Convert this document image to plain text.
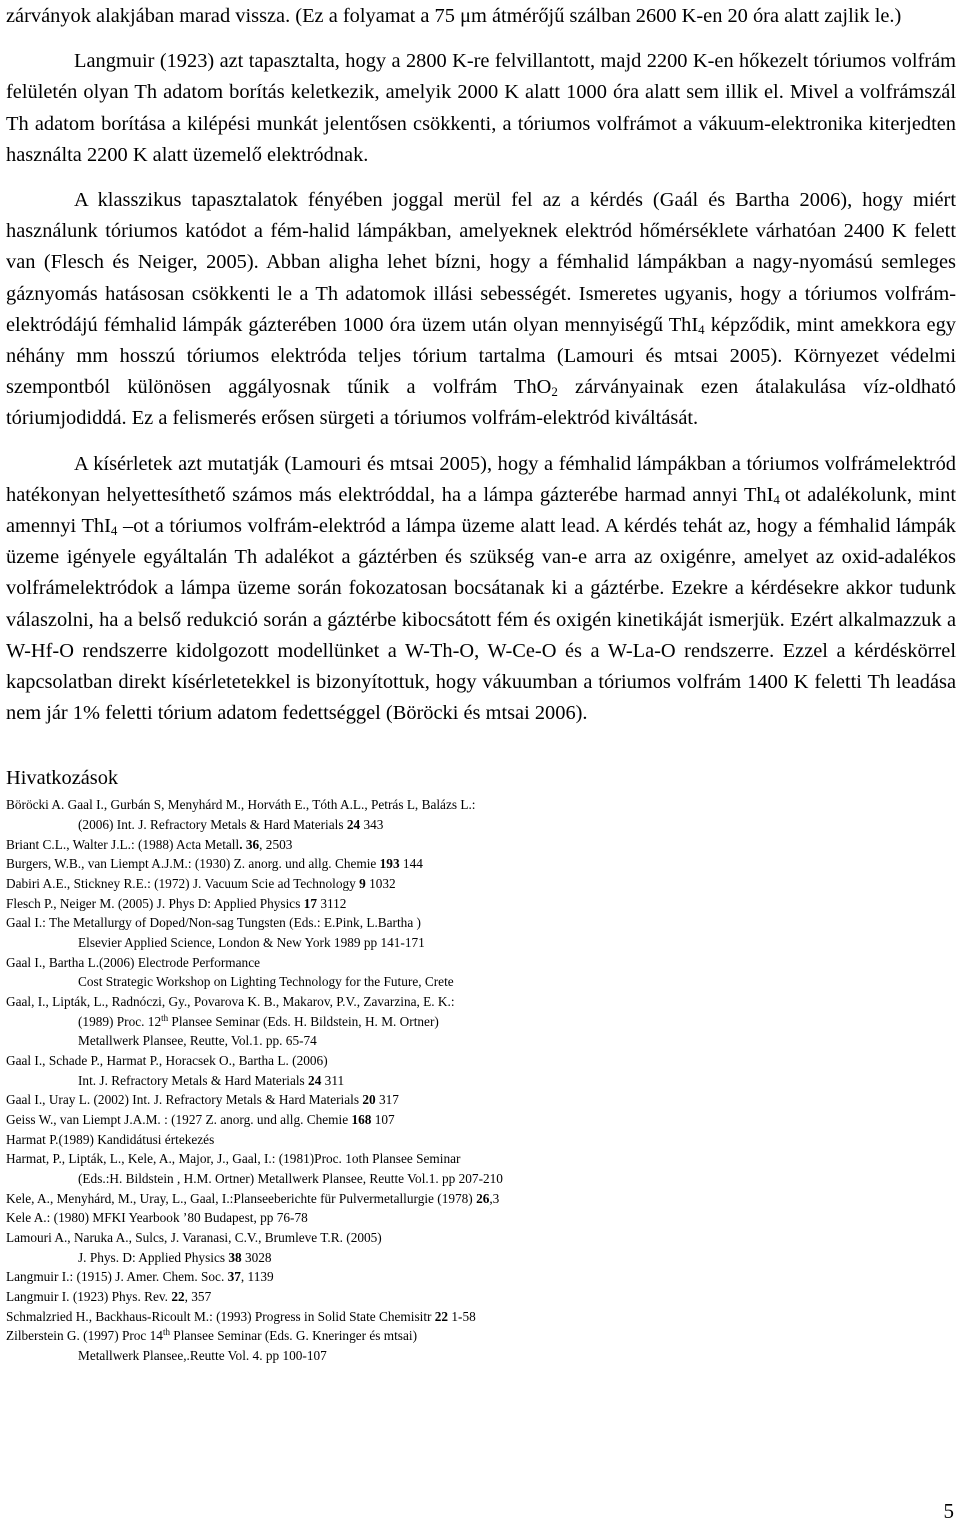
zárványok alakjában marad vissza. (Ez a folyamat a 75 μm átmérőjű szálban 2600 K-en 20 óra alatt zajlik le.)

Langmuir (1923) azt tapasztalta, hogy a 2800 K-re felvillantott, majd 2200 K-en hőkezelt tóriumos volfrám felületén olyan Th adatom borítás keletkezik, amelyik 2000 K alatt 1000 óra alatt sem illik el. Mivel a volfrámszál Th adatom borítása a kilépési munkát jelentősen csökkenti, a tóriumos volfrámot a vákuum-elektronika kiterjedten használta 2200 K alatt üzemelő elektródnak.

A klasszikus tapasztalatok fényében joggal merül fel az a kérdés (Gaál és Bartha 2006), hogy miért használunk tóriumos katódot a fém-halid lámpákban, amelyeknek elektród hőmérséklete várhatóan 2400 K felett van (Flesch és Neiger, 2005). Abban aligha lehet bízni, hogy a fémhalid lámpákban a nagy-nyomású semleges gáznyomás hatásosan csökkenti le a Th adatomok illási sebességét. Ismeretes ugyanis, hogy a tóriumos volfrám-elektródájú fémhalid lámpák gázterében 1000 óra üzem után olyan mennyiségű ThI$_4$ képződik, mint amekkora egy néhány mm hosszú tóriumos elektróda teljes tórium tartalma (Lamouri és mtsai 2005). Környezet védelmi szempontból különösen aggályosnak tűnik a volfrám ThO$_2$ zárványainak ezen átalakulása víz-oldható tóriumjodiddá. Ez a felismerés erősen sürgeti a tóriumos volfrám-elektród kiváltását.

A kísérletek azt mutatják (Lamouri és mtsai 2005), hogy a fémhalid lámpákban a tóriumos volfrámelektród hatékonyan helyettesíthető számos más elektróddal, ha a lámpa gázterébe harmad annyi ThI$_4$ ot adalékolunk, mint amennyi ThI$_4$ –ot a tóriumos volfrám-elektród a lámpa üzeme alatt lead. A kérdés tehát az, hogy a fémhalid lámpák üzeme igényele egyáltalán Th adalékot a gáztérben és szükség van-e arra az oxigénre, amelyet az oxid-adalékos volfrámelektródok a lámpa üzeme során fokozatosan bocsátanak ki a gáztérbe. Ezekre a kérdésekre akkor tudunk válaszolni, ha a belső redukció során a gáztérbe kibocsátott fém és oxigén kinetikáját ismerjük. Ezért alkalmazzuk a W-Hf-O rendszerre kidolgozott modellünket a W-Th-O, W-Ce-O és a W-La-O rendszerre. Ezzel a kérdéskörrel kapcsolatban direkt kísérletetekkel is bizonyítottuk, hogy vákuumban a tóriumos volfrám 1400 K feletti Th leadása nem jár 1% feletti tórium adatom fedettséggel (Böröcki és mtsai 2006).

Hivatkozások
Böröcki A. Gaal I., Gurbán S, Menyhárd M., Horváth E., Tóth A.L., Petrás L, Balázs L.:
(2006) Int. J. Refractory Metals & Hard Materials 24 343
Briant C.L., Walter J.L.: (1988) Acta Metall. 36, 2503
Burgers, W.B., van Liempt A.J.M.: (1930) Z. anorg. und allg. Chemie 193 144
Dabiri A.E., Stickney R.E.: (1972) J. Vacuum Scie ad Technology 9 1032
Flesch P., Neiger M. (2005) J. Phys D: Applied Physics 17 3112
Gaal I.: The Metallurgy of Doped/Non-sag Tungsten (Eds.: E.Pink, L.Bartha )
Elsevier Applied Science, London & New York 1989 pp 141-171
Gaal I., Bartha L.(2006) Electrode Performance
Cost Strategic Workshop on Lighting Technology for the Future, Crete
Gaal, I., Lipták, L., Radnóczi, Gy., Povarova K. B., Makarov, P.V., Zavarzina, E. K.:
(1989) Proc. 12th Plansee Seminar (Eds. H. Bildstein, H. M. Ortner)
Metallwerk Plansee, Reutte, Vol.1. pp. 65-74
Gaal I., Schade P., Harmat P., Horacsek O., Bartha L. (2006)
Int. J. Refractory Metals & Hard Materials 24 311
Gaal I., Uray L. (2002) Int. J. Refractory Metals & Hard Materials 20 317
Geiss W., van Liempt J.A.M. : (1927 Z. anorg. und allg. Chemie 168 107
Harmat P.(1989) Kandidátusi értekezés
Harmat, P., Lipták, L., Kele, A., Major, J., Gaal, I.: (1981)Proc. 1oth Plansee Seminar
(Eds.:H. Bildstein , H.M. Ortner) Metallwerk Plansee, Reutte Vol.1. pp 207-210
Kele, A., Menyhárd, M., Uray, L., Gaal, I.:Planseeberichte für Pulvermetallurgie (1978) 26,3
Kele A.: (1980) MFKI Yearbook ’80 Budapest, pp 76-78
Lamouri A., Naruka A., Sulcs, J. Varanasi, C.V., Brumleve T.R. (2005)
J. Phys. D: Applied Physics 38 3028
Langmuir I.: (1915) J. Amer. Chem. Soc. 37, 1139
Langmuir I. (1923) Phys. Rev. 22, 357
Schmalzried H., Backhaus-Ricoult M.: (1993) Progress in Solid State Chemisitr 22 1-58
Zilberstein G. (1997) Proc 14th Plansee Seminar (Eds. G. Kneringer és mtsai)
Metallwerk Plansee,.Reutte Vol. 4. pp 100-107
5
